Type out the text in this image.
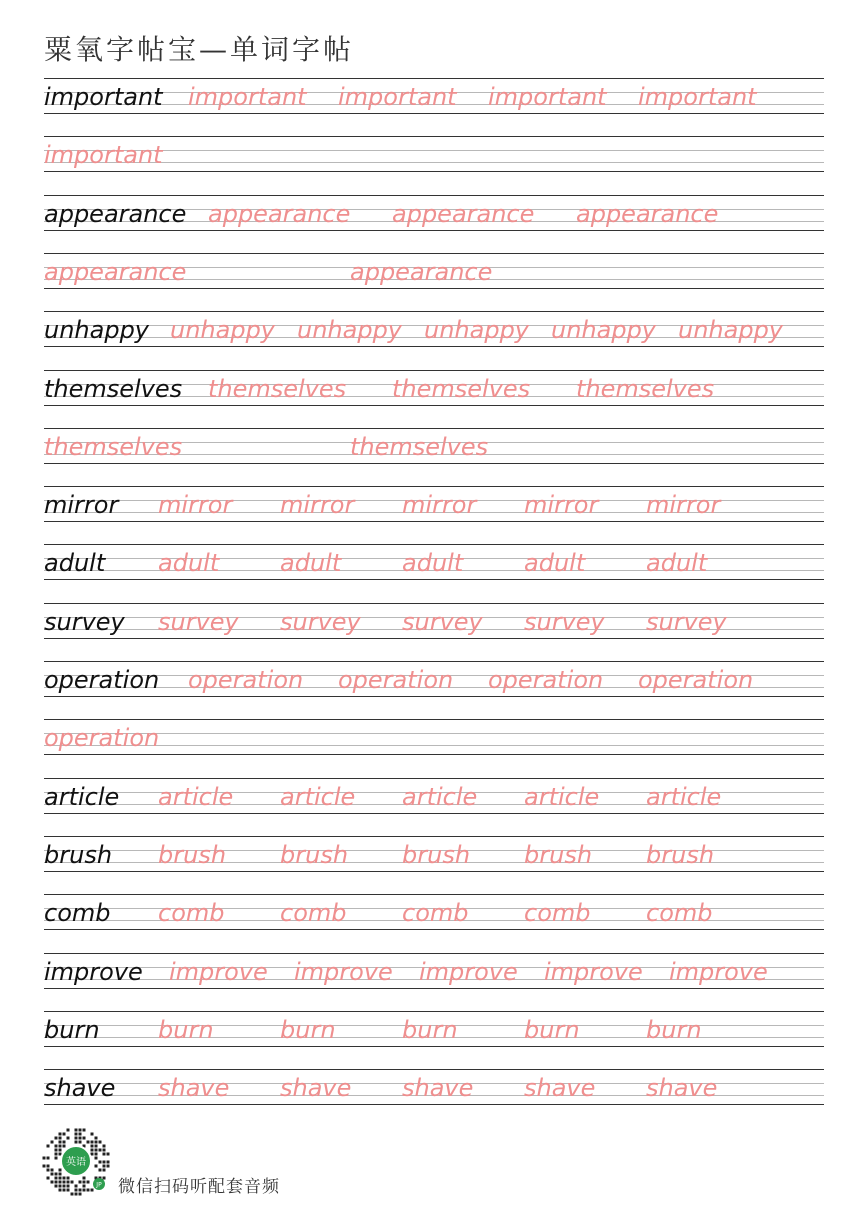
粟氧字帖宝—单词字帖
important important important important important
important
appearance appearance appearance appearance
appearance	appearance
unhappy unhappy unhappy unhappy unhappy unhappy
themselves themselves themselves themselves
themselves	themselves
mirror mirror mirror mirror mirror mirror
adult adult	adult	adult	adult	adult
survey survey survey survey survey survey
operation operation operation operation operation
operation
article article article article article article
brush brush brush brush brush brush
comb comb comb comb comb comb
improve improve improve improve improve improve
burn burn	burn	burn	burn	burn
shave shave shave shave shave shave
英语
JP 微信扫码听配套音频
